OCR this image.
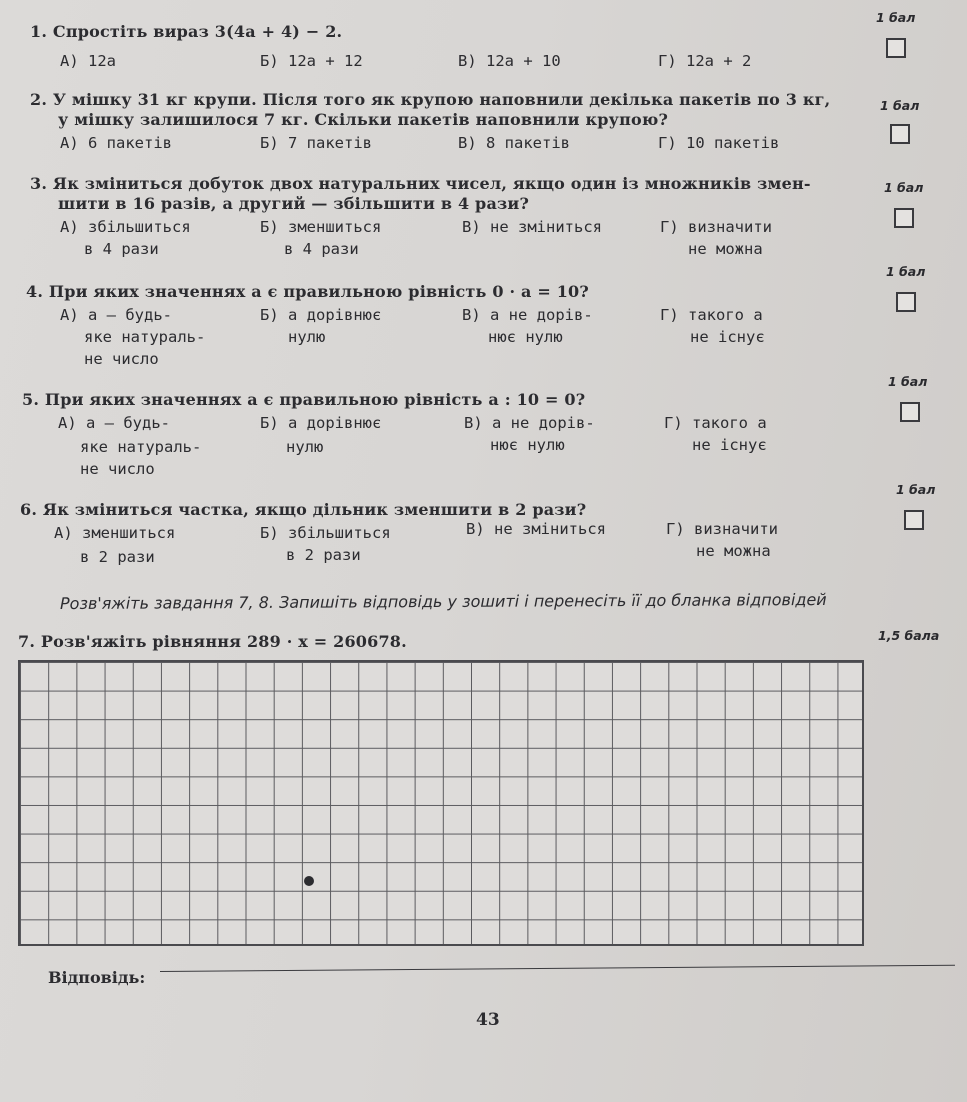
1. Спростіть вираз 3(4a + 4) − 2.
1 бал
А) 12a	Б) 12a + 12	В) 12a + 10	Г) 12a + 2
2. У мішку 31 кг крупи. Після того як крупою наповнили декілька пакетів по 3 кг,
у мішку залишилося 7 кг. Скільки пакетів наповнили крупою?
1 бал
А) 6 пакетів	Б) 7 пакетів	В) 8 пакетів	Г) 10 пакетів
3. Як зміниться добуток двох натуральних чисел, якщо один із множників змен-
шити в 16 разів, а другий — збільшити в 4 рази?
1 бал
А) збільшиться
в 4 рази
Б) зменшиться
в 4 рази
В) не зміниться	Г) визначити
не можна
1 бал
4. При яких значеннях a є правильною рівність 0 · a = 10?
А) a — будь-
яке натураль-
не число
Б) a дорівнює
нулю
В) a не дорів-
нює нулю
Г) такого a
не існує
1 бал
5. При яких значеннях a є правильною рівність a : 10 = 0?
А) a — будь-
яке натураль-
не число
Б) a дорівнює
нулю
В) a не дорів-
нює нулю
Г) такого a
не існує
1 бал
6. Як зміниться частка, якщо дільник зменшити в 2 рази?
А) зменшиться
в 2 рази
Б) збільшиться
в 2 рази
В) не зміниться	Г) визначити
не можна
Розв'яжіть завдання 7, 8. Запишіть відповідь у зошиті і перенесіть її до бланка відповідей
7. Розв'яжіть рівняння 289 · x = 260678.	1,5 бала
Відповідь:
43
